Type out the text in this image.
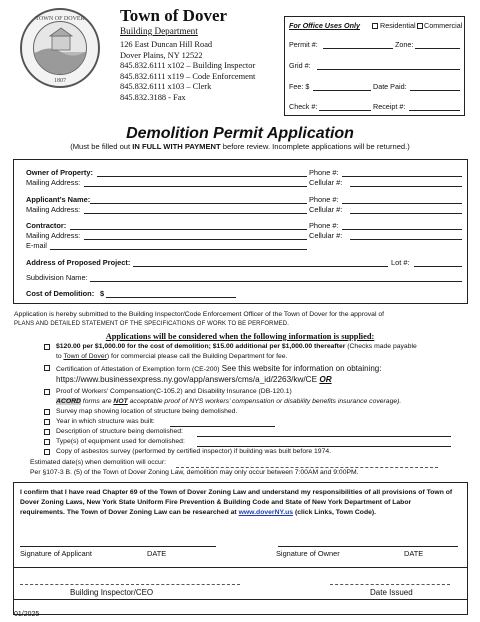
TOWN OF DOVER
1807
Town of Dover
Building Department
126 East Duncan Hill Road
Dover Plains, NY 12522
845.832.6111 x102 – Building Inspector
845.832.6111 x119 – Code Enforcement
845.832.6111 x103 – Clerk
845.832.3188 - Fax
For Office Uses Only	Residential Commercial
Permit #:	Zone:
Grid #:
Fee: $	Date Paid:
Check #:	Receipt #:
Demolition Permit Application
(Must be filled out IN FULL WITH PAYMENT before review. Incomplete applications will be returned.)
Owner of Property:	Phone #:
Mailing Address:	Cellular #:
Applicant’s Name:	Phone #:
Mailing Address:	Cellular #:
Contractor:	Phone #:
Mailing Address:	Cellular #:
E-mail
Address of Proposed Project:	Lot #:
Subdivision Name:
Cost of Demolition: $
Application is hereby submitted to the Building Inspector/Code Enforcement Officer of the Town of Dover for the approval of
PLANS AND DETAILED STATEMENT OF THE SPECIFICATIONS OF WORK TO BE PERFORMED.
Applications will be considered when the following information is supplied:
$120.00 per $1,000.00 for the cost of demolition; $15.00 additional per $1,000.00 thereafter (Checks made payable
to Town of Dover) for commercial please call the Building Department for fee.
Certification of Attestation of Exemption form (CE-200) See this website for information on obtaining:
https://www.businessexpress.ny.gov/app/answers/cms/a_id/2263/kw/CE OR
Proof of Workers' Compensation(C-105.2) and Disability Insurance (DB-120.1)
ACORD forms are NOT acceptable proof of NYS workers’ compensation or disability benefits insurance coverage).
Survey map showing location of structure being demolished.
Year in which structure was built:
Description of structure being demolished:
Type(s) of equipment used for demolished:
Copy of asbestos survey (performed by certified inspector) if building was built before 1974.
Estimated date(s) when demolition will occur:
Per §107-3 B. (5) of the Town of Dover Zoning Law, demolition may only occur between 7:00AM and 9:00PM.
I confirm that I have read Chapter 69 of the Town of Dover Zoning Law and understand my responsibilities of all provisions of Town of
Dover Zoning Laws, New York State Uniform Fire Prevention & Building Code and State of New York Department of Labor
requirements. The Town of Dover Zoning Law can be researched at www.doverNY.us (click Links, Town Code).
Signature of Applicant	DATE	Signature of Owner	DATE
Building Inspector/CEO	Date Issued
01/2025
